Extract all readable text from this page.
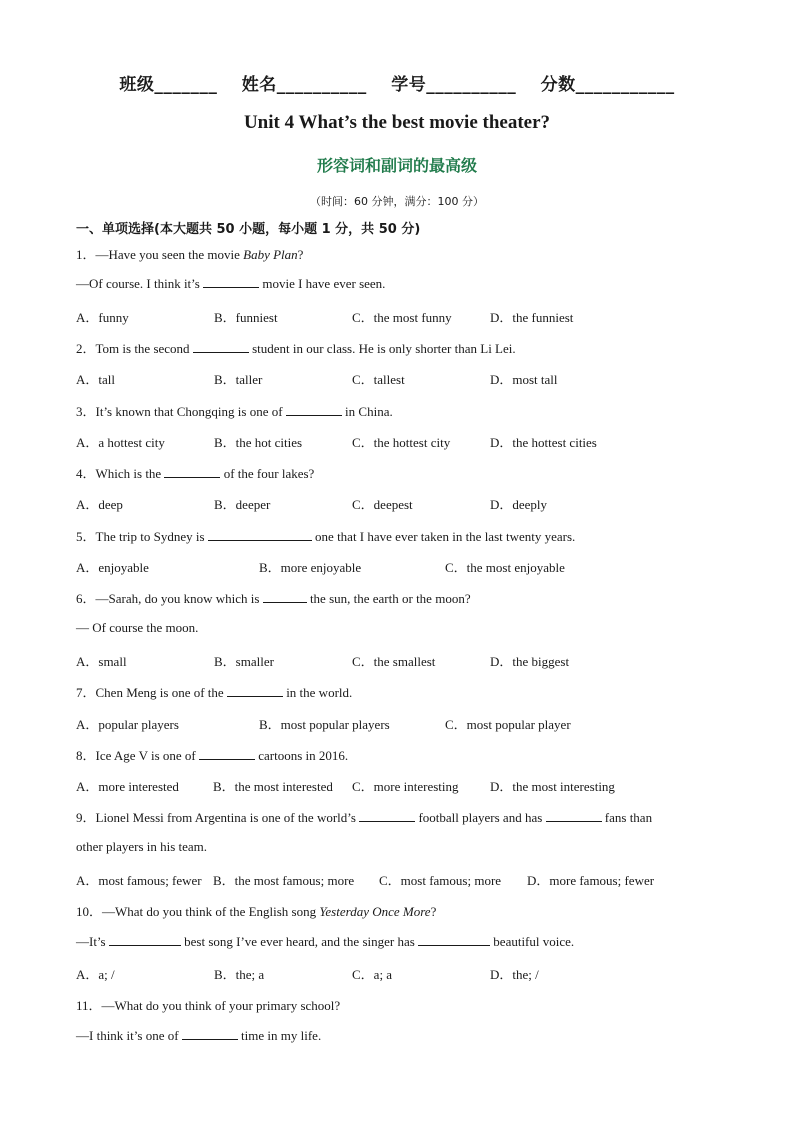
班级_______ 姓名__________ 学号__________ 分数___________
Unit 4 What’s the best movie theater?
形容词和副词的最高级
（时间：60 分钟，满分：100 分）
一、单项选择(本大题共 50 小题，每小题 1 分，共 50 分)
1．—Have you seen the movie Baby Plan?
—Of course. I think it’s	movie I have ever seen.
A．funny	B．funniest	C．the most funny	D．the funniest
2．Tom is the second	student in our class. He is only shorter than Li Lei.
A．tall	B．taller	C．tallest	D．most tall
3．It’s known that Chongqing is one of	in China.
A．a hottest city	B．the hot cities	C．the hottest city	D．the hottest cities
4．Which is the	of the four lakes?
A．deep	B．deeper	C．deepest	D．deeply
5．The trip to Sydney is	one that I have ever taken in the last twenty years.
A．enjoyable	B．more enjoyable	C．the most enjoyable
6．—Sarah, do you know which is	the sun, the earth or the moon?
— Of course the moon.
A．small	B．smaller	C．the smallest	D．the biggest
7．Chen Meng is one of the	in the world.
A．popular players	B．most popular players	C．most popular player
8．Ice Age V is one of	cartoons in 2016.
A．more interested	B．the most interested C．more interesting D．the most interesting
9．Lionel Messi from Argentina is one of the world’s	football players and has	fans than
other players in his team.
A．most famous; fewer B．the most famous; more C．most famous; more D．more famous; fewer
10．—What do you think of the English song Yesterday Once More?
—It’s	best song I’ve ever heard, and the singer has	beautiful voice.
A．a; /	B．the; a	C．a; a	D．the; /
11．—What do you think of your primary school?
—I think it’s one of	time in my life.
